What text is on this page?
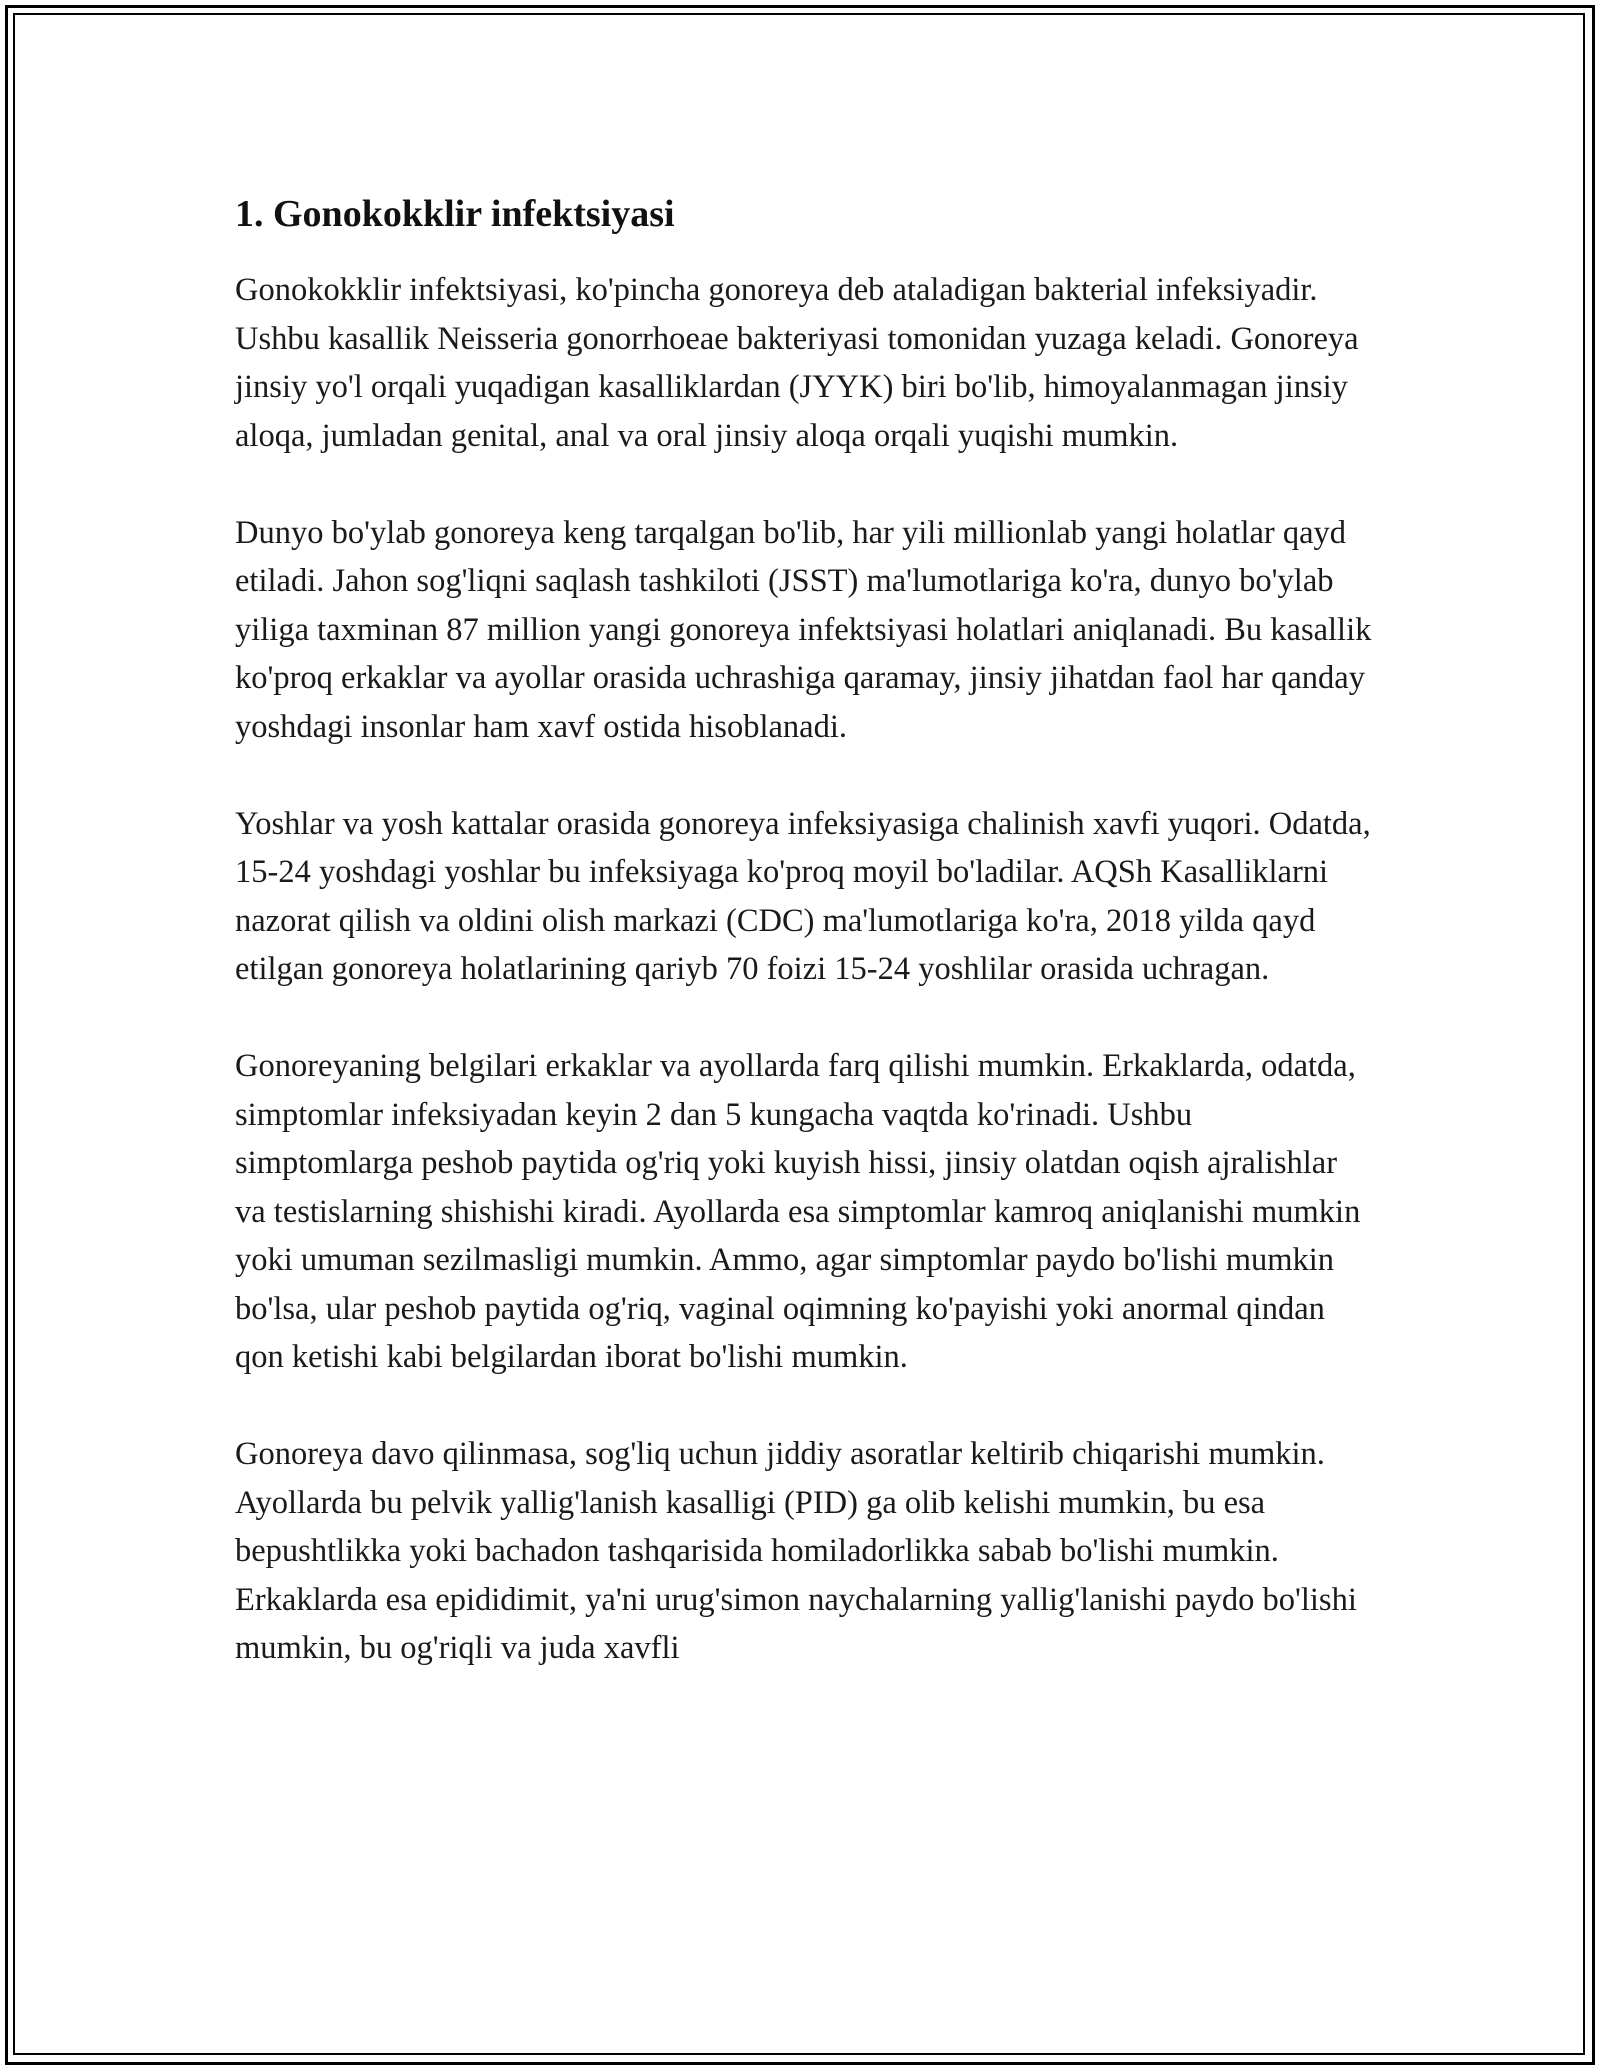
1. Gonokokklir infektsiyasi

Gonokokklir infektsiyasi, ko'pincha gonoreya deb ataladigan bakterial infeksiyadir. Ushbu kasallik Neisseria gonorrhoeae bakteriyasi tomonidan yuzaga keladi. Gonoreya jinsiy yo'l orqali yuqadigan kasalliklardan (JYYK) biri bo'lib, himoyalanmagan jinsiy aloqa, jumladan genital, anal va oral jinsiy aloqa orqali yuqishi mumkin.

Dunyo bo'ylab gonoreya keng tarqalgan bo'lib, har yili millionlab yangi holatlar qayd etiladi. Jahon sog'liqni saqlash tashkiloti (JSST) ma'lumotlariga ko'ra, dunyo bo'ylab yiliga taxminan 87 million yangi gonoreya infektsiyasi holatlari aniqlanadi. Bu kasallik ko'proq erkaklar va ayollar orasida uchrashiga qaramay, jinsiy jihatdan faol har qanday yoshdagi insonlar ham xavf ostida hisoblanadi.

Yoshlar va yosh kattalar orasida gonoreya infeksiyasiga chalinish xavfi yuqori. Odatda, 15-24 yoshdagi yoshlar bu infeksiyaga ko'proq moyil bo'ladilar. AQSh Kasalliklarni nazorat qilish va oldini olish markazi (CDC) ma'lumotlariga ko'ra, 2018 yilda qayd etilgan gonoreya holatlarining qariyb 70 foizi 15-24 yoshlilar orasida uchragan.

Gonoreyaning belgilari erkaklar va ayollarda farq qilishi mumkin. Erkaklarda, odatda, simptomlar infeksiyadan keyin 2 dan 5 kungacha vaqtda ko'rinadi. Ushbu simptomlarga peshob paytida og'riq yoki kuyish hissi, jinsiy olatdan oqish ajralishlar va testislarning shishishi kiradi. Ayollarda esa simptomlar kamroq aniqlanishi mumkin yoki umuman sezilmasligi mumkin. Ammo, agar simptomlar paydo bo'lishi mumkin bo'lsa, ular peshob paytida og'riq, vaginal oqimning ko'payishi yoki anormal qindan qon ketishi kabi belgilardan iborat bo'lishi mumkin.

Gonoreya davo qilinmasa, sog'liq uchun jiddiy asoratlar keltirib chiqarishi mumkin. Ayollarda bu pelvik yallig'lanish kasalligi (PID) ga olib kelishi mumkin, bu esa bepushtlikka yoki bachadon tashqarisida homiladorlikka sabab bo'lishi mumkin. Erkaklarda esa epididimit, ya'ni urug'simon naychalarning yallig'lanishi paydo bo'lishi mumkin, bu og'riqli va juda xavfli
